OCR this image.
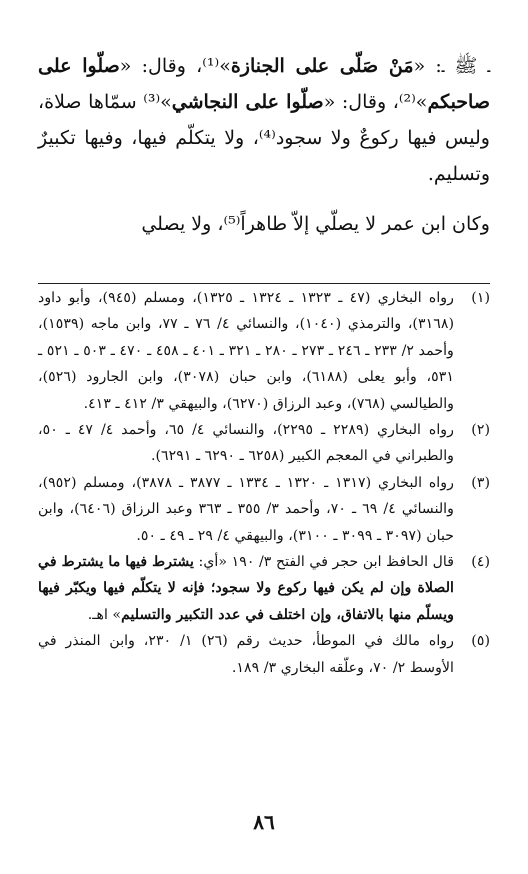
ـ ﷺ ـ: «مَنْ صَلّى على الجنازة»⁽¹⁾، وقال: «صلّوا على صاحبكم»⁽²⁾، وقال: «صلّوا على النجاشي»⁽³⁾ سمّاها صلاة، وليس فيها ركوعٌ ولا سجود⁽⁴⁾، ولا يتكلّم فيها، وفيها تكبيرٌ وتسليم.

وكان ابن عمر لا يصلّي إلاّ طاهراً⁽⁵⁾، ولا يصلي

(١)
رواه البخاري (٤٧ ـ ١٣٢٣ ـ ١٣٢٤ ـ ١٣٢٥)، ومسلم (٩٤٥)، وأبو داود (٣١٦٨)، والترمذي (١٠٤٠)، والنسائي ٤/ ٧٦ ـ ٧٧، وابن ماجه (١٥٣٩)، وأحمد ٢/ ٢٣٣ ـ ٢٤٦ ـ ٢٧٣ ـ ٢٨٠ ـ ٣٢١ ـ ٤٠١ ـ ٤٥٨ ـ ٤٧٠ ـ ٥٠٣ ـ ٥٢١ ـ ٥٣١، وأبو يعلى (٦١٨٨)، وابن حبان (٣٠٧٨)، وابن الجارود (٥٢٦)، والطيالسي (٧٦٨)، وعبد الرزاق (٦٢٧٠)، والبيهقي ٣/ ٤١٢ ـ ٤١٣.
(٢)
رواه البخاري (٢٢٨٩ ـ ٢٢٩٥)، والنسائي ٤/ ٦٥، وأحمد ٤/ ٤٧ ـ ٥٠، والطبراني في المعجم الكبير (٦٢٥٨ ـ ٦٢٩٠ ـ ٦٢٩١).
(٣)
رواه البخاري (١٣١٧ ـ ١٣٢٠ ـ ١٣٣٤ ـ ٣٨٧٧ ـ ٣٨٧٨)، ومسلم (٩٥٢)، والنسائي ٤/ ٦٩ ـ ٧٠، وأحمد ٣/ ٣٥٥ ـ ٣٦٣ وعبد الرزاق (٦٤٠٦)، وابن حبان (٣٠٩٧ ـ ٣٠٩٩ ـ ٣١٠٠)، والبيهقي ٤/ ٢٩ ـ ٤٩ ـ ٥٠.
(٤)
قال الحافظ ابن حجر في الفتح ٣/ ١٩٠ «أي: يشترط فيها ما يشترط في الصلاة وإن لم يكن فيها ركوع ولا سجود؛ فإنه لا يتكلّم فيها ويكبّر فيها ويسلّم منها بالاتفاق، وإن اختلف في عدد التكبير والتسليم» اهـ.
(٥)
رواه مالك في الموطأ، حديث رقم (٢٦) ١/ ٢٣٠، وابن المنذر في الأوسط ٢/ ٧٠، وعلّقه البخاري ٣/ ١٨٩.
٨٦
